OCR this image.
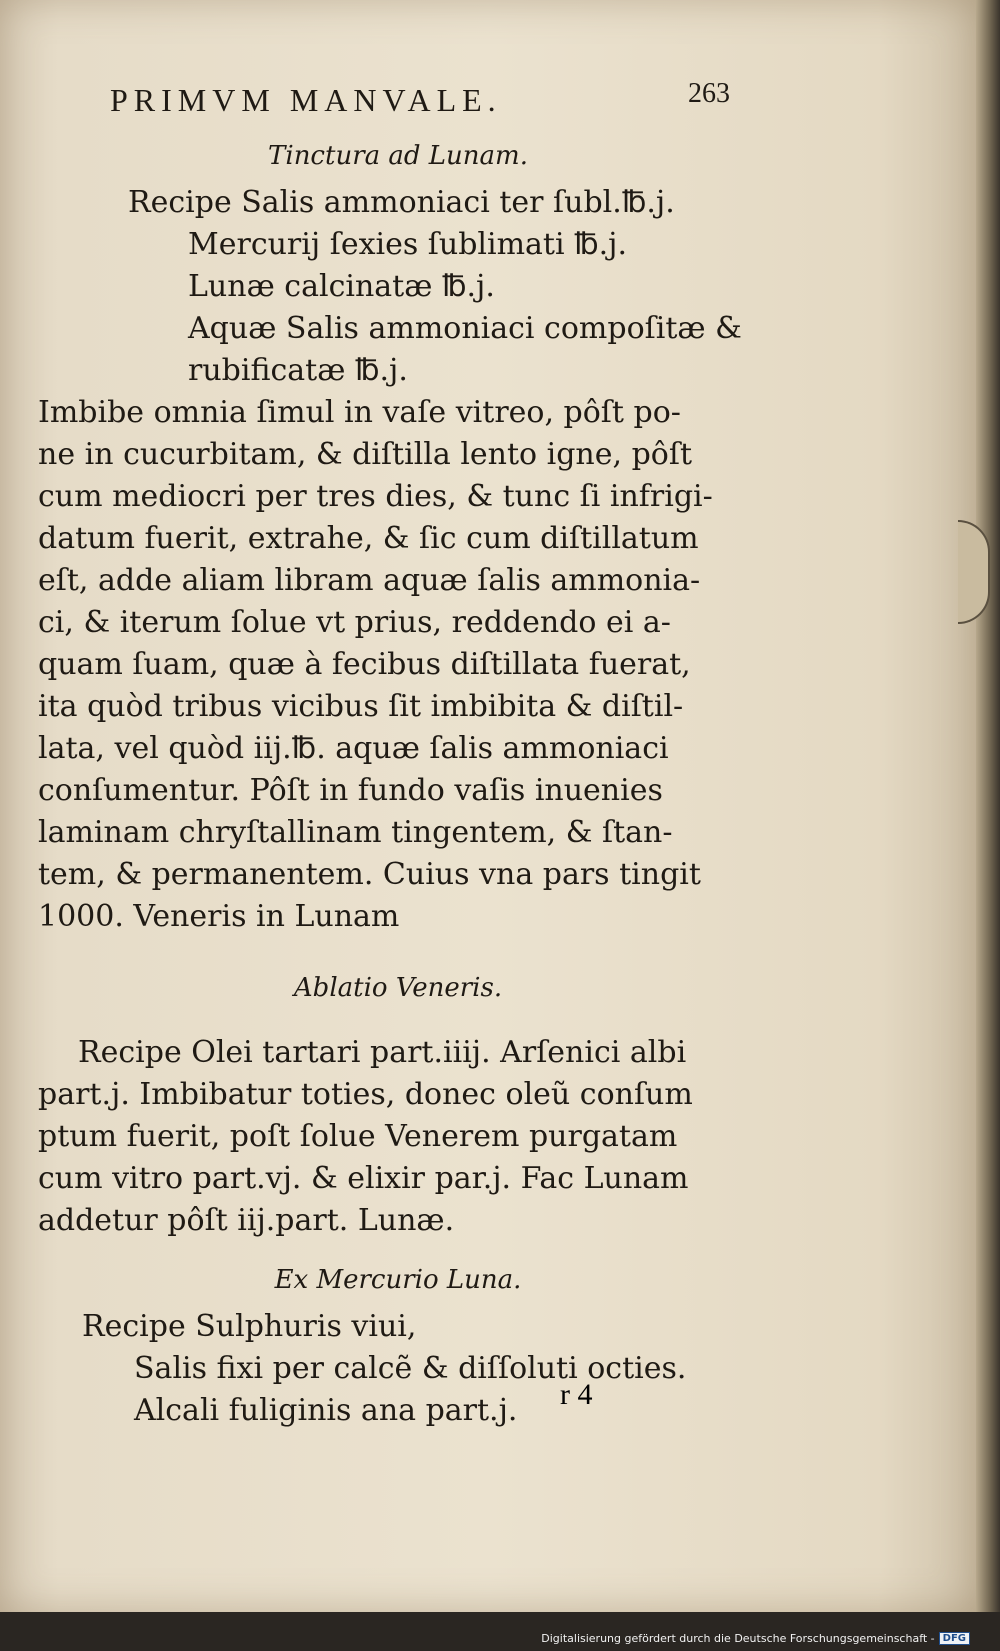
PRIMVM MANVALE.	263
Tinctura ad Lunam.
Recipe Salis ammoniaci ter ſubl.℔.j.
Mercurij ſexies ſublimati ℔.j.
Lunæ calcinatæ ℔.j.
Aquæ Salis ammoniaci compoſitæ &
rubificatæ ℔.j.
Imbibe omnia ſimul in vaſe vitreo, pôſt po-
ne in cucurbitam, & diſtilla lento igne, pôſt
cum mediocri per tres dies, & tunc ſi infrigi-
datum fuerit, extrahe, & ſic cum diſtillatum
eſt, adde aliam libram aquæ ſalis ammonia-
ci, & iterum ſolue vt prius, reddendo ei a-
quam ſuam, quæ à fecibus diſtillata fuerat,
ita quòd tribus vicibus ſit imbibita & diſtil-
lata, vel quòd iij.℔. aquæ ſalis ammoniaci
conſumentur. Pôſt in fundo vaſis inuenies
laminam chryſtallinam tingentem, & ſtan-
tem, & permanentem. Cuius vna pars tingit
1000. Veneris in Lunam
Ablatio Veneris.
Recipe Olei tartari part.iiij. Arſenici albi
part.j. Imbibatur toties, donec oleũ conſum
ptum fuerit, poſt ſolue Venerem purgatam
cum vitro part.vj. & elixir par.j. Fac Lunam
addetur pôſt iij.part. Lunæ.
Ex Mercurio Luna.
Recipe Sulphuris viui,
Salis fixi per calcẽ & diſſoluti octies.
Alcali fuliginis ana part.j.	r 4
Digitalisierung gefördert durch die Deutsche Forschungsgemeinschaft - DFG
